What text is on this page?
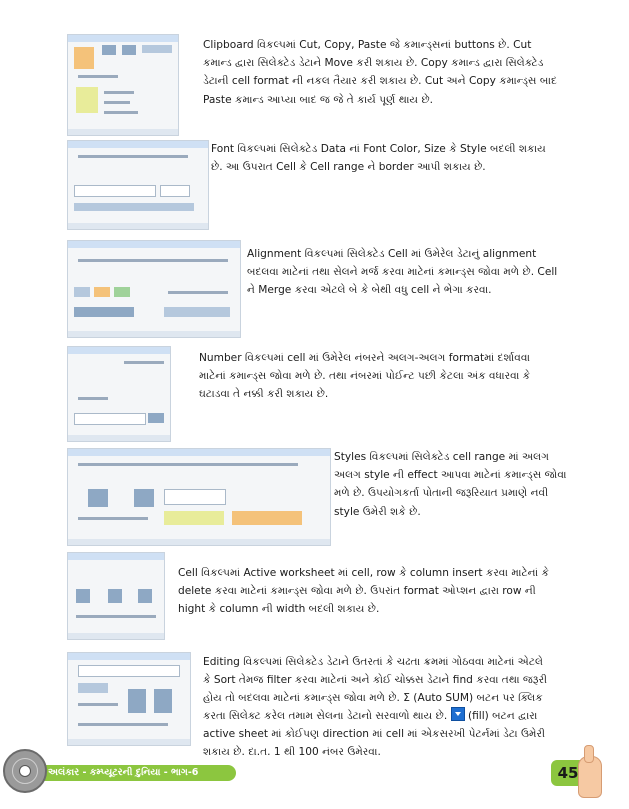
Clipboard વિકલ્પમાં Cut, Copy, Paste જે કમાન્ડ્સનાં buttons છે. Cut
કમાન્ડ દ્વારા સિલેક્ટેડ ડેટાને Move કરી શકાય છે. Copy કમાન્ડ દ્વારા સિલેક્ટેડ
ડેટાની cell format ની નકલ તૈયાર કરી શકાય છે. Cut અને Copy કમાન્ડ્સ બાદ
Paste કમાન્ડ આપ્યા બાદ જ જે તે કાર્ય પૂર્ણ થાય છે.

Font વિકલ્પમાં સિલેક્ટેડ Data નાં Font Color, Size કે Style બદલી શકાય
છે. આ ઉપરાત Cell કે Cell range ને border આપી શકાય છે.

Alignment વિકલ્પમાં સિલેક્ટેડ Cell માં ઉમેરેલ ડેટાનું alignment
બદલવા માટેનાં તથા સેલને મર્જ કરવા માટેનાં કમાન્ડ્સ જોવા મળે છે. Cell
ને Merge કરવા એટલે બે કે બેથી વધુ cell ને ભેગા કરવા.

Number વિકલ્પમાં cell માં ઉમેરેલ નંબરને અલગ-અલગ formatમાં દર્શાવવા
માટેનાં કમાન્ડ્સ જોવા મળે છે. તથા નંબરમાં પોઈન્ટ પછી કેટલા અંક વધારવા કે
ઘટાડવા તે નક્કી કરી શકાય છે.

Styles વિકલ્પમાં સિલેક્ટેડ cell range માં અલગ
અલગ style ની effect આપવા માટેનાં કમાન્ડ્સ જોવા
મળે છે. ઉપયોગકર્તા પોતાની જરૂરિયાત પ્રમાણે નવી
style ઉમેરી શકે છે.

Cell વિકલ્પમાં Active worksheet માં cell, row કે column insert કરવા માટેનાં કે
delete કરવા માટેનાં કમાન્ડ્સ જોવા મળે છે. ઉપરાંત format ઓપ્શન દ્વારા row ની
hight કે column ની width બદલી શકાય છે.

Editing વિકલ્પમાં સિલેક્ટેડ ડેટાને ઉતરતાં કે ચઢતા ક્રમમાં ગોઠવવા માટેનાં એટલે
કે Sort તેમજ filter કરવા માટેનાં અને કોઈ ચોક્કસ ડેટાને find કરવા તથા જરૂરી
હોય તો બદલવા માટેનાં કમાન્ડ્સ જોવા મળે છે. Σ (Auto SUM) બટન પર ક્લિક
કરતા સિલેક્ટ કરેલ તમામ સેલના ડેટાનો સરવાળો થાય છે. (fill) બટન દ્વારા
active sheet માં કોઈપણ direction માં cell માં એકસરખી પેટર્નમાં ડેટા ઉમેરી
શકાય છે. દા.ત. 1 થી 100 નંબર ઉમેરવા.

અલંકાર - કમ્પ્યૂટરની દુનિયા - ભાગ-6	45
